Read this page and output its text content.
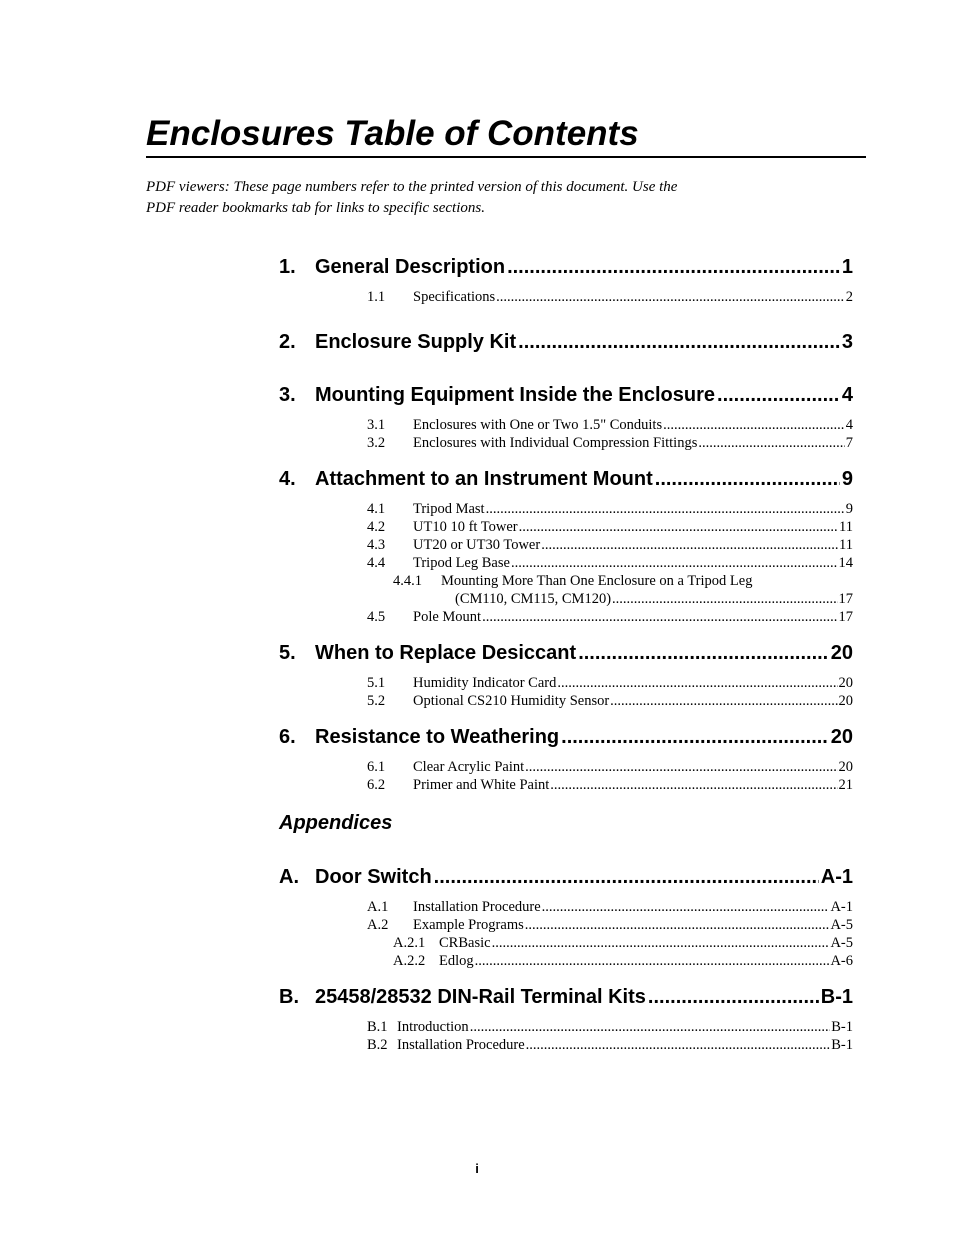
Enclosures Table of Contents
PDF viewers: These page numbers refer to the printed version of this document. Use the
PDF reader bookmarks tab for links to specific sections.
1. General Description .....	1
1.1	Specifications .....	2
2. Enclosure Supply Kit .....	3
3. Mounting Equipment Inside the Enclosure .....	4
3.1	Enclosures with One or Two 1.5" Conduits .....	4
3.2	Enclosures with Individual Compression Fittings .....	7
4. Attachment to an Instrument Mount .....	9
4.1	Tripod Mast .....	9
4.2	UT10 10 ft Tower .....	11
4.3	UT20 or UT30 Tower .....	11
4.4	Tripod Leg Base .....	14
4.4.1	Mounting More Than One Enclosure on a Tripod Leg
(CM110, CM115, CM120) .....	17
4.5	Pole Mount .....	17
5. When to Replace Desiccant .....	20
5.1	Humidity Indicator Card .....	20
5.2	Optional CS210 Humidity Sensor .....	20
6. Resistance to Weathering .....	20
6.1	Clear Acrylic Paint .....	20
6.2	Primer and White Paint .....	21
Appendices
A. Door Switch .....	A-1
A.1	Installation Procedure .....	A-1
A.2	Example Programs .....	A-5
A.2.1 CRBasic .....	A-5
A.2.2 Edlog .....	A-6
B. 25458/28532 DIN-Rail Terminal Kits .....	B-1
B.1 Introduction .....	B-1
B.2 Installation Procedure .....	B-1
i
